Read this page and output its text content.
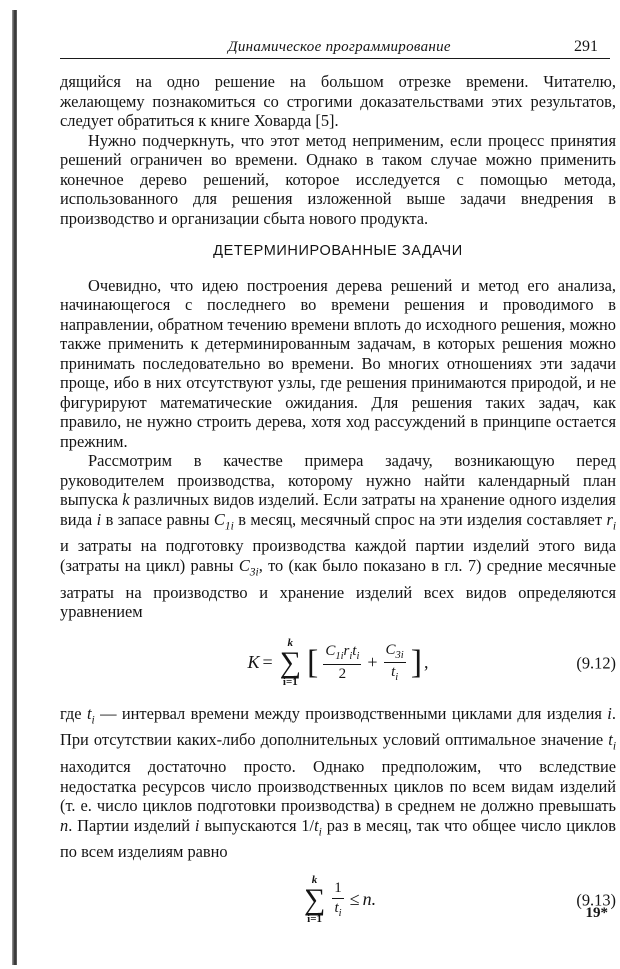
Динамическое программирование	291

дящийся на одно решение на большом отрезке времени. Читателю, желающему познакомиться со строгими доказательствами этих результатов, следует обратиться к книге Ховарда [5].

Нужно подчеркнуть, что этот метод неприменим, если процесс принятия решений ограничен во времени. Однако в таком случае можно применить конечное дерево решений, которое исследуется с помощью метода, использованного для решения изложенной выше задачи внедрения в производство и организации сбыта нового продукта.

ДЕТЕРМИНИРОВАННЫЕ ЗАДАЧИ

Очевидно, что идею построения дерева решений и метод его анализа, начинающегося с последнего во времени решения и проводимого в направлении, обратном течению времени вплоть до исходного решения, можно также применить к детерминированным задачам, в которых решения можно принимать последовательно во времени. Во многих отношениях эти задачи проще, ибо в них отсутствуют узлы, где решения принимаются природой, и не фигурируют математические ожидания. Для решения таких задач, как правило, не нужно строить дерева, хотя ход рассуждений в принципе остается прежним.

Рассмотрим в качестве примера задачу, возникающую перед руководителем производства, которому нужно найти календарный план выпуска k различных видов изделий. Если затраты на хранение одного изделия вида i в запасе равны $C_{1i}$ в месяц, месячный спрос на эти изделия составляет $r_i$ и затраты на подготовку производства каждой партии изделий этого вида (затраты на цикл) равны $C_{3i}$, то (как было показано в гл. 7) средние месячные затраты на производство и хранение изделий всех видов определяются уравнением

K =
k
∑
i=1
[ $\frac{C_{1i}r_it_i}{2} + \frac{C_{3i}}{t_i}$ ] ,	(9.12)

где $t_i$ — интервал времени между производственными циклами для изделия i. При отсутствии каких-либо дополнительных условий оптимальное значение $t_i$ находится достаточно просто. Однако предположим, что вследствие недостатка ресурсов число производственных циклов по всем видам изделий (т. е. число циклов подготовки производства) в среднем не должно превышать n. Партии изделий i выпускаются $1/t_i$ раз в месяц, так что общее число циклов по всем изделиям равно

k
∑
$i=1 \frac{1}{t_i} \le n$.	(9.13)
19*
